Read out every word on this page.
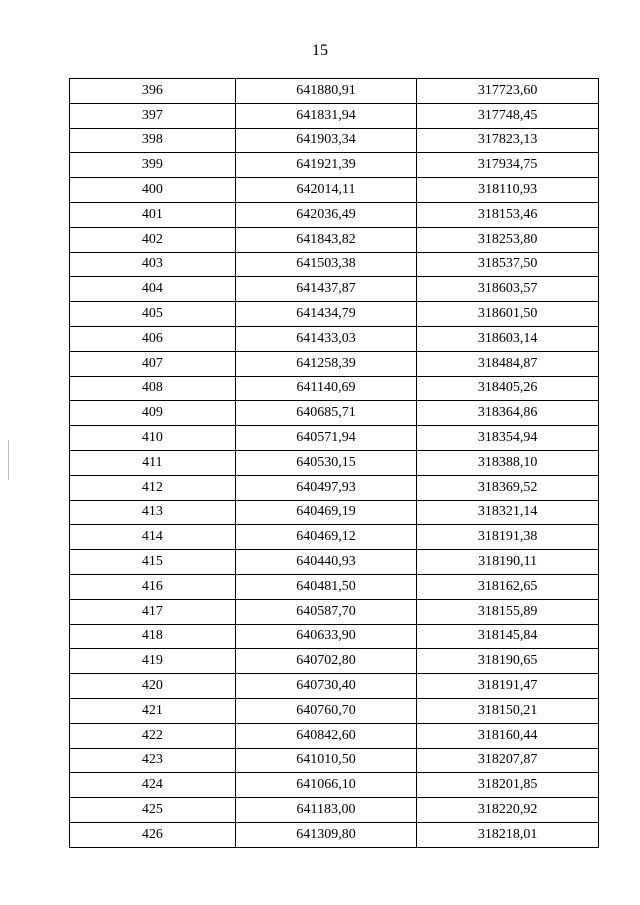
15
396	641880,91	317723,60
397	641831,94	317748,45
398	641903,34	317823,13
399	641921,39	317934,75
400	642014,11	318110,93
401	642036,49	318153,46
402	641843,82	318253,80
403	641503,38	318537,50
404	641437,87	318603,57
405	641434,79	318601,50
406	641433,03	318603,14
407	641258,39	318484,87
408	641140,69	318405,26
409	640685,71	318364,86
410	640571,94	318354,94
411	640530,15	318388,10
412	640497,93	318369,52
413	640469,19	318321,14
414	640469,12	318191,38
415	640440,93	318190,11
416	640481,50	318162,65
417	640587,70	318155,89
418	640633,90	318145,84
419	640702,80	318190,65
420	640730,40	318191,47
421	640760,70	318150,21
422	640842,60	318160,44
423	641010,50	318207,87
424	641066,10	318201,85
425	641183,00	318220,92
426	641309,80	318218,01
